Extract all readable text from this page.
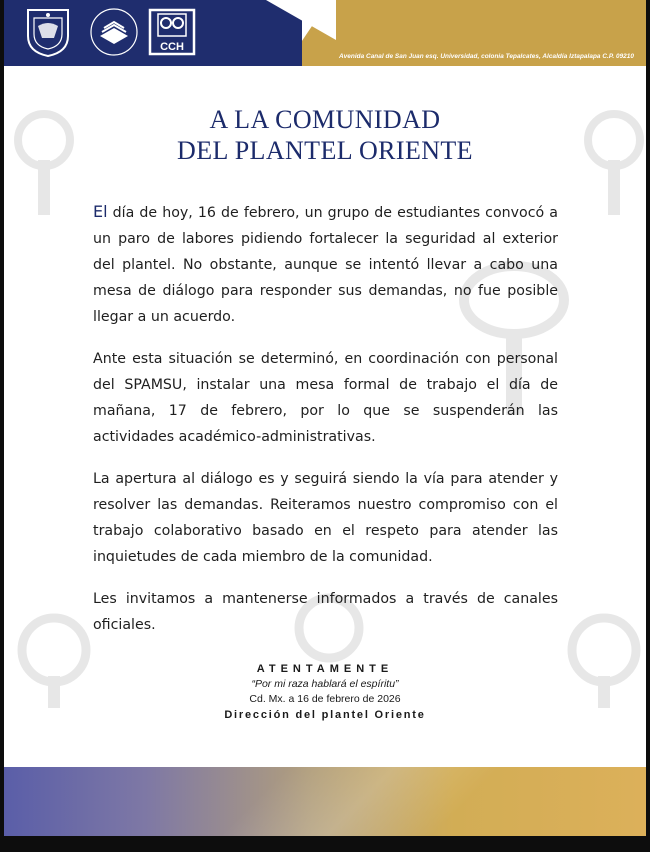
CCH
Avenida Canal de San Juan esq. Universidad, colonia Tepalcates, Alcaldía Iztapalapa C.P. 09210
A LA COMUNIDAD
DEL PLANTEL ORIENTE

El día de hoy, 16 de febrero, un grupo de estudiantes convocó a un paro de labores pidiendo fortalecer la seguridad al exterior del plantel. No obstante, aunque se intentó llevar a cabo una mesa de diálogo para responder sus demandas, no fue posible llegar a un acuerdo.

Ante esta situación se determinó, en coordinación con personal del SPAMSU, instalar una mesa formal de trabajo el día de mañana, 17 de febrero, por lo que se suspenderán las actividades académico-administrativas.

La apertura al diálogo es y seguirá siendo la vía para atender y resolver las demandas. Reiteramos nuestro compromiso con el trabajo colaborativo basado en el respeto para atender las inquietudes de cada miembro de la comunidad.

Les invitamos a mantenerse informados a través de canales oficiales.

ATENTAMENTE
“Por mi raza hablará el espíritu”
Cd. Mx. a 16 de febrero de 2026
Dirección del plantel Oriente
